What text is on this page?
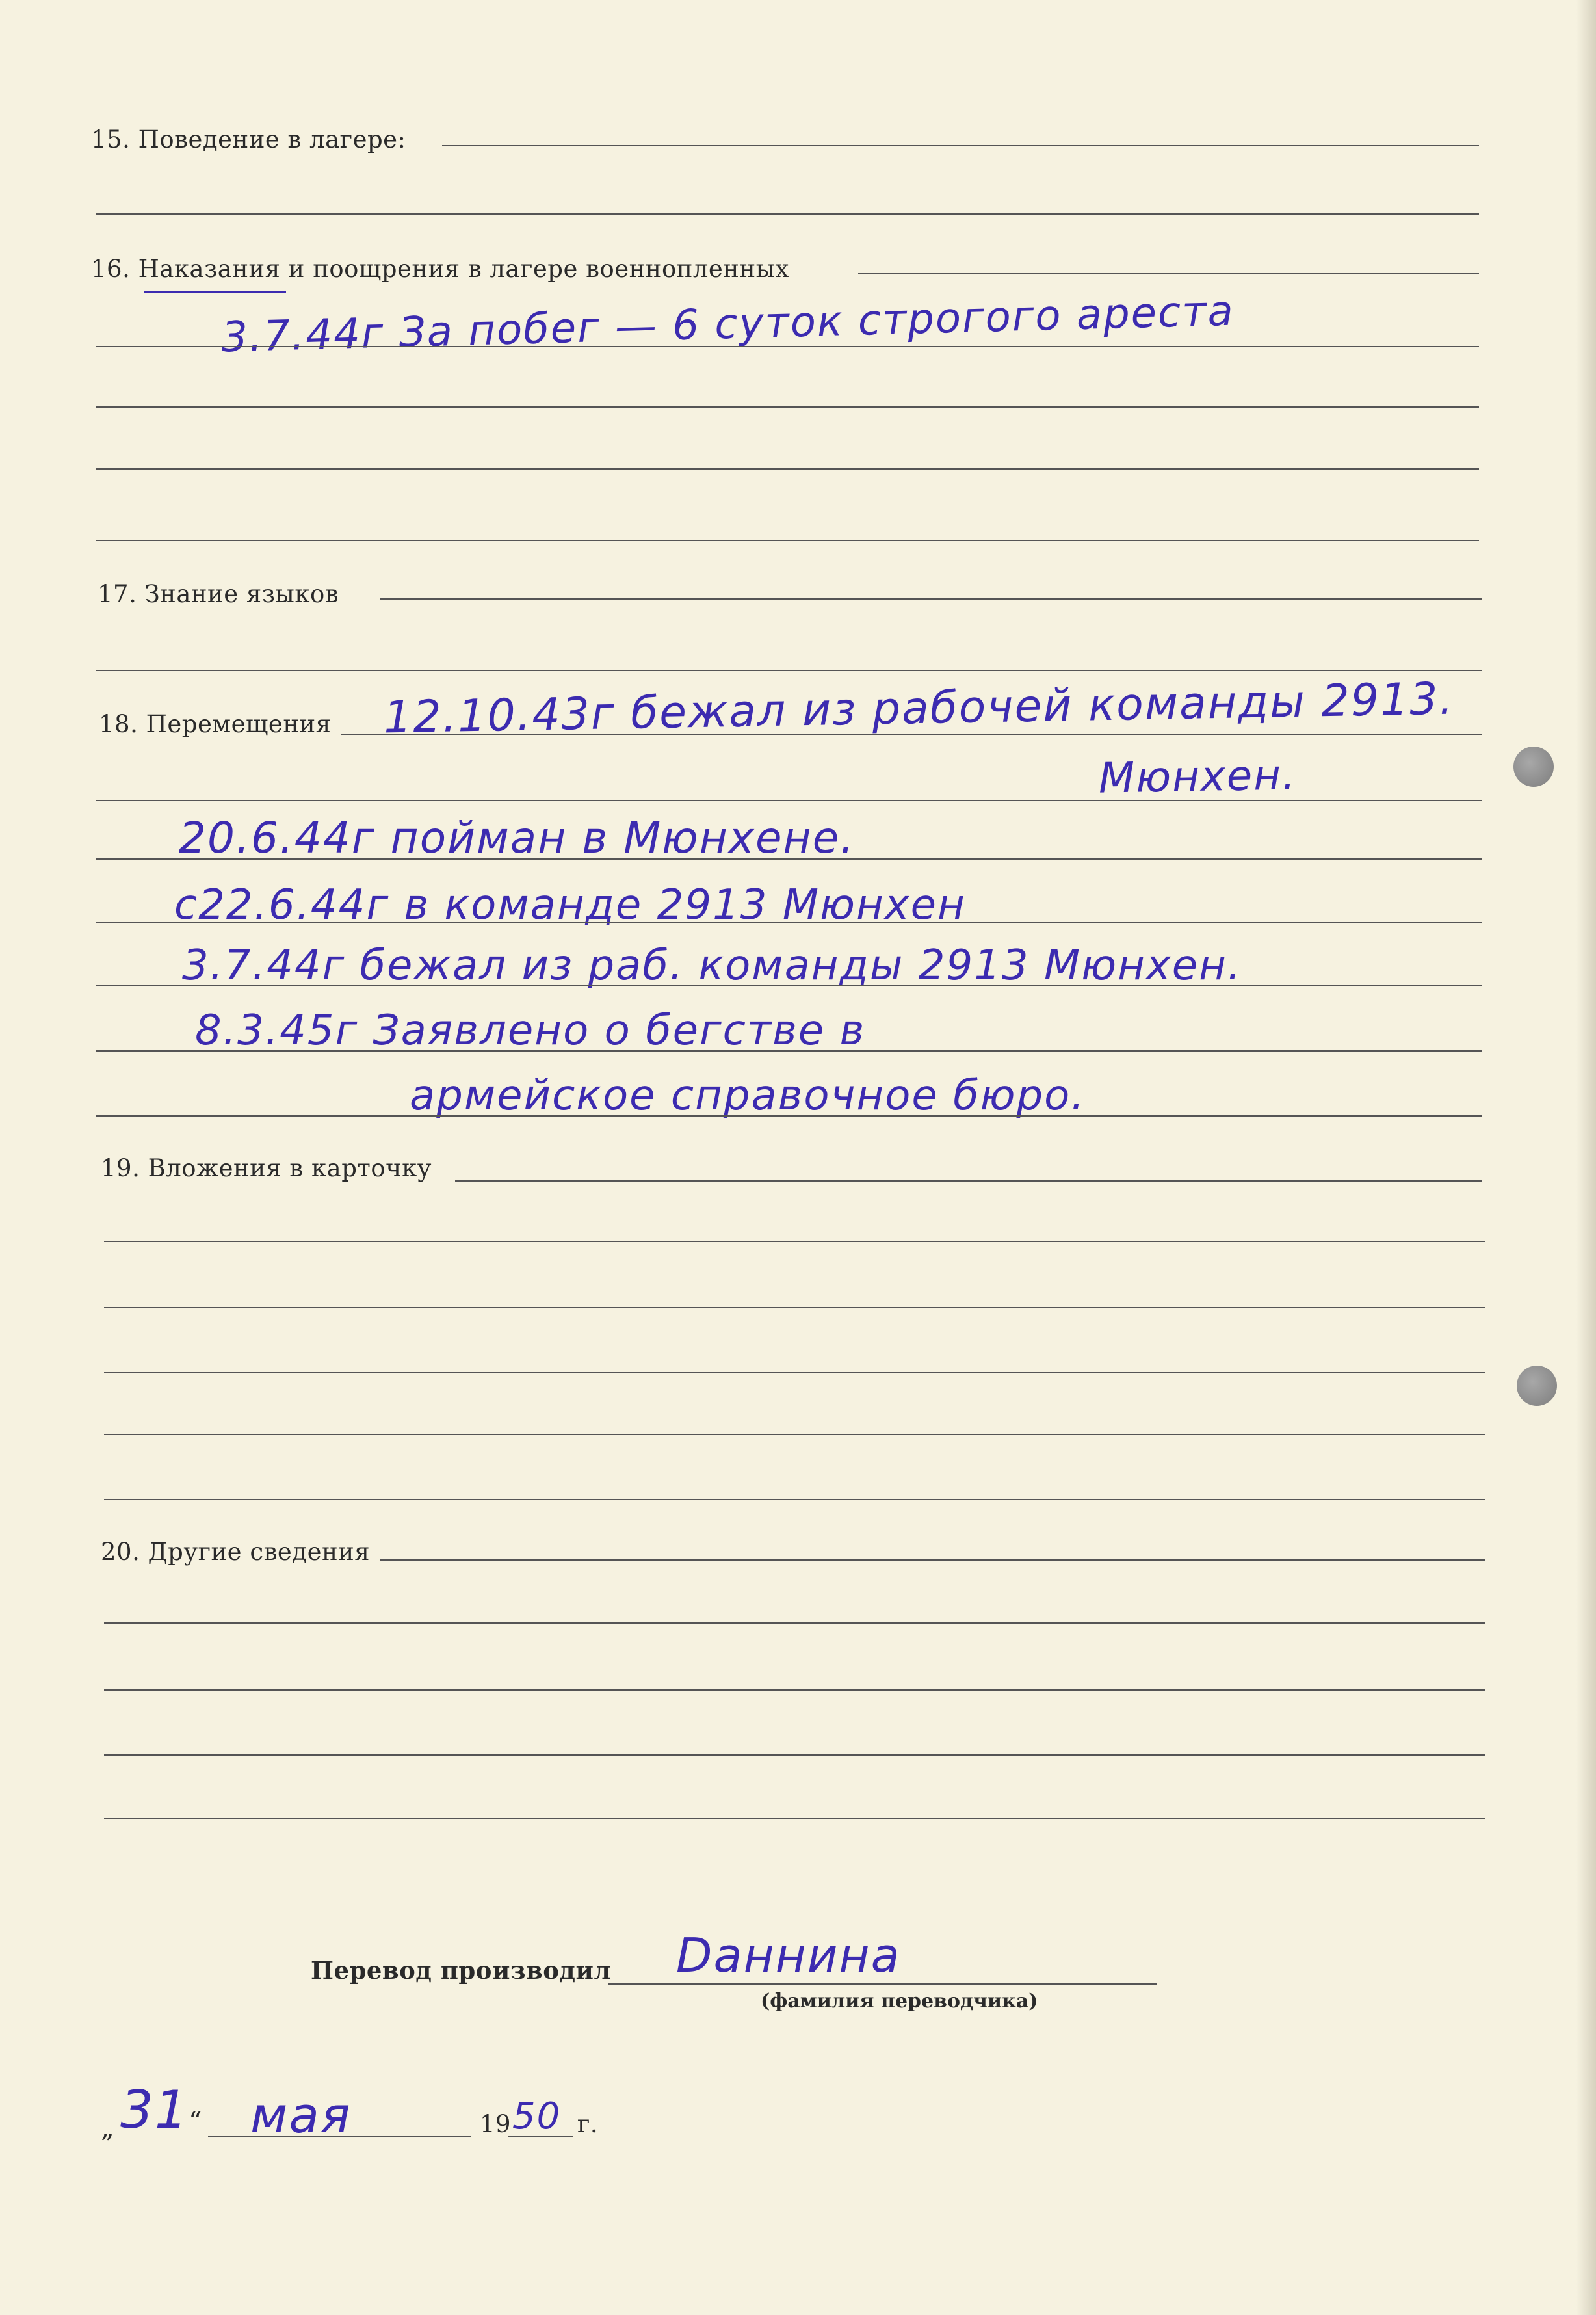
15. Поведение в лагере:
16. Наказания и поощрения в лагере военнопленных
3.7.44г За побег — 6 суток строгого ареста
17. Знание языков
18. Перемещения 12.10.43г бежал из рабочей команды 2913.
Мюнхен.
20.6.44г пойман в Мюнхене.
с22.6.44г в команде 2913 Мюнхен
3.7.44г бежал из раб. команды 2913 Мюнхен.
8.3.45г Заявлено о бегстве в
армейское справочное бюро.
19. Вложения в карточку
20. Другие сведения
Перевод производил Dаннина
(фамилия переводчика)
„ 31 “ мая	19 50 г.
